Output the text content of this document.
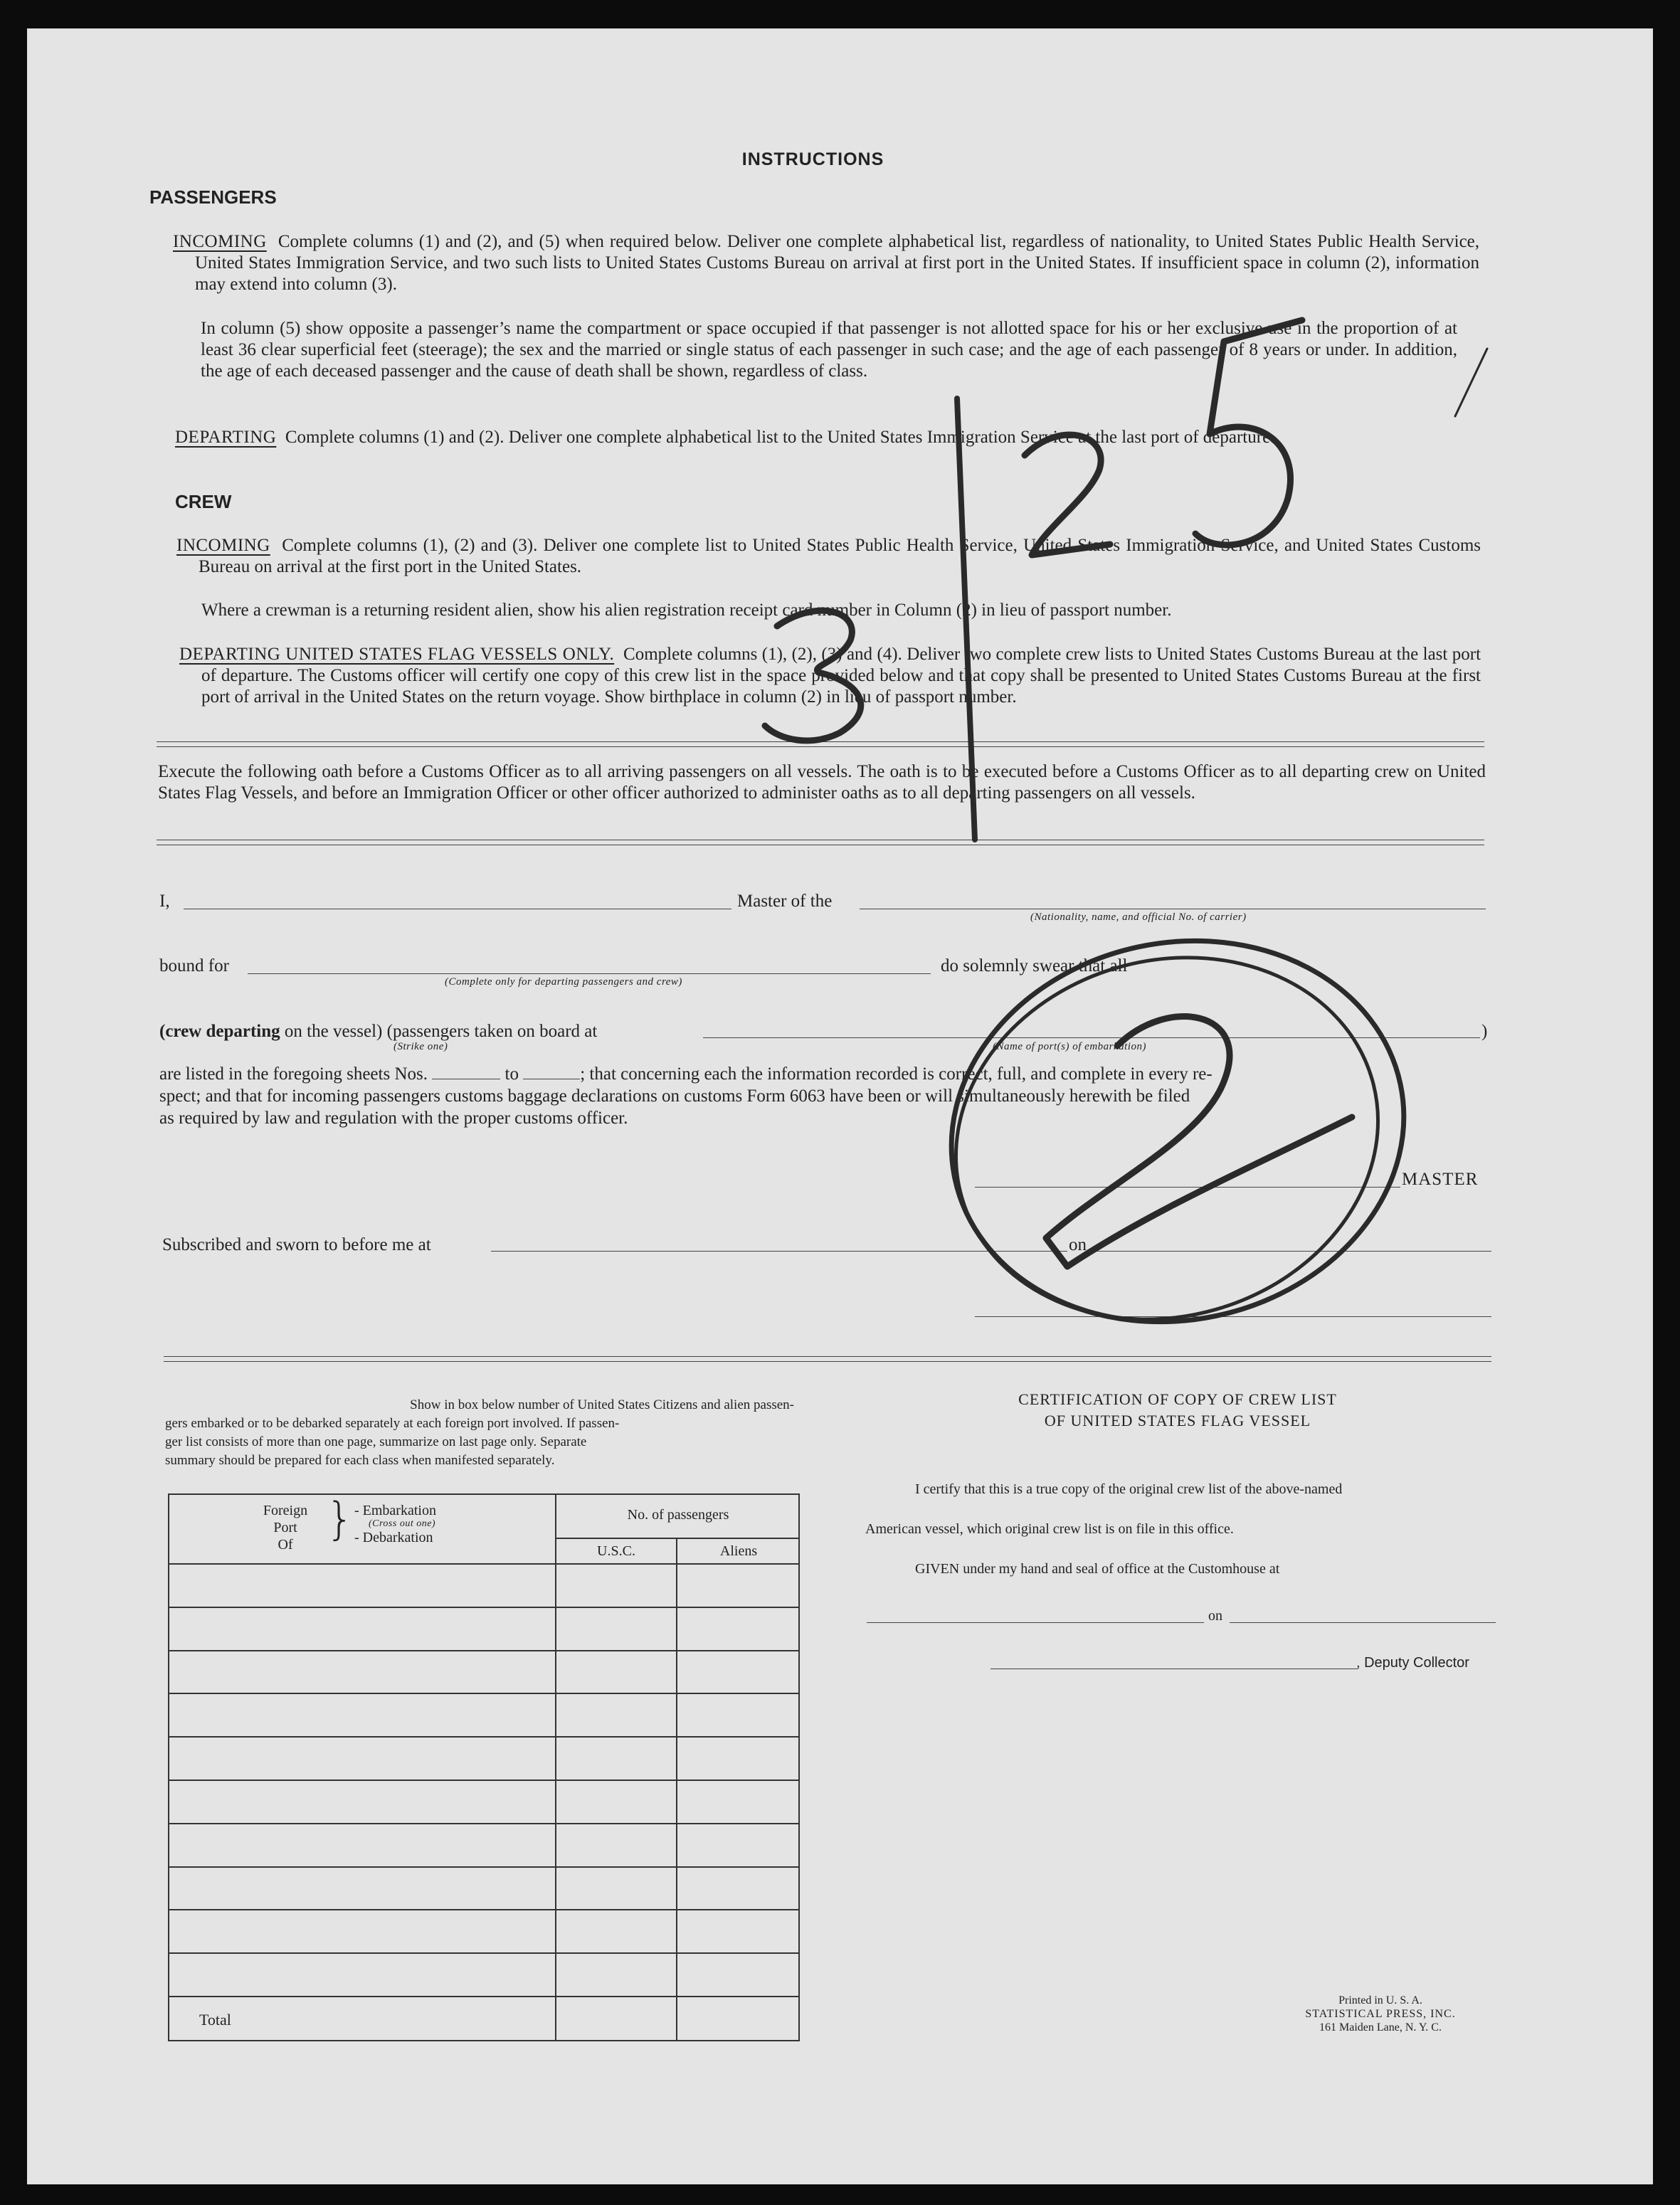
INSTRUCTIONS
PASSENGERS
INCOMING Complete columns (1) and (2), and (5) when required below. Deliver one complete alphabetical list, regardless of nationality, to United States Public Health Service, United States Immigration Service, and two such lists to United States Customs Bureau on arrival at first port in the United States. If insufficient space in column (2), information may extend into column (3).
In column (5) show opposite a passenger’s name the compartment or space occupied if that passenger is not allotted space for his or her exclusive use in the proportion of at least 36 clear superficial feet (steerage); the sex and the married or single status of each passenger in such case; and the age of each passenger of 8 years or under. In addition, the age of each deceased passenger and the cause of death shall be shown, regardless of class.
DEPARTING Complete columns (1) and (2). Deliver one complete alphabetical list to the United States Immigration Service at the last port of departure.
CREW
INCOMING Complete columns (1), (2) and (3). Deliver one complete list to United States Public Health Service, United States Immigration Service, and United States Customs Bureau on arrival at the first port in the United States.
Where a crewman is a returning resident alien, show his alien registration receipt card number in Column (2) in lieu of passport number.
DEPARTING UNITED STATES FLAG VESSELS ONLY. Complete columns (1), (2), (3) and (4). Deliver two complete crew lists to United States Customs Bureau at the last port of departure. The Customs officer will certify one copy of this crew list in the space provided below and that copy shall be presented to United States Customs Bureau at the first port of arrival in the United States on the return voyage. Show birthplace in column (2) in lieu of passport number.
Execute the following oath before a Customs Officer as to all arriving passengers on all vessels. The oath is to be executed before a Customs Officer as to all departing crew on United States Flag Vessels, and before an Immigration Officer or other officer authorized to administer oaths as to all departing passengers on all vessels.
I,	Master of the
(Nationality, name, and official No. of carrier)
bound for
(Complete only for departing passengers and crew)
do solemnly swear that all
(crew departing on the vessel) (passengers taken on board at
(Strike one)	(Name of port(s) of embarkation)
)
are listed in the foregoing sheets Nos.	to	; that concerning each the information recorded is correct, full, and complete in every re-
spect; and that for incoming passengers customs baggage declarations on customs Form 6063 have been or will simultaneously herewith be filed
as required by law and regulation with the proper customs officer.
MASTER
Subscribed and sworn to before me at	on
Show in box below number of United States Citizens and alien passen-
gers embarked or to be debarked separately at each foreign port involved. If passen-
ger list consists of more than one page, summarize on last page only. Separate
summary should be prepared for each class when manifested separately.
Foreign
Port
Of } - Embarkation
(Cross out one)
- Debarkation
No. of passengers
U.S.C.	Aliens
Total
CERTIFICATION OF COPY OF CREW LIST
OF UNITED STATES FLAG VESSEL
I certify that this is a true copy of the original crew list of the above-named
American vessel, which original crew list is on file in this office.
GIVEN under my hand and seal of office at the Customhouse at
on
, Deputy Collector
Printed in U. S. A.
STATISTICAL PRESS, INC.
161 Maiden Lane, N. Y. C.
